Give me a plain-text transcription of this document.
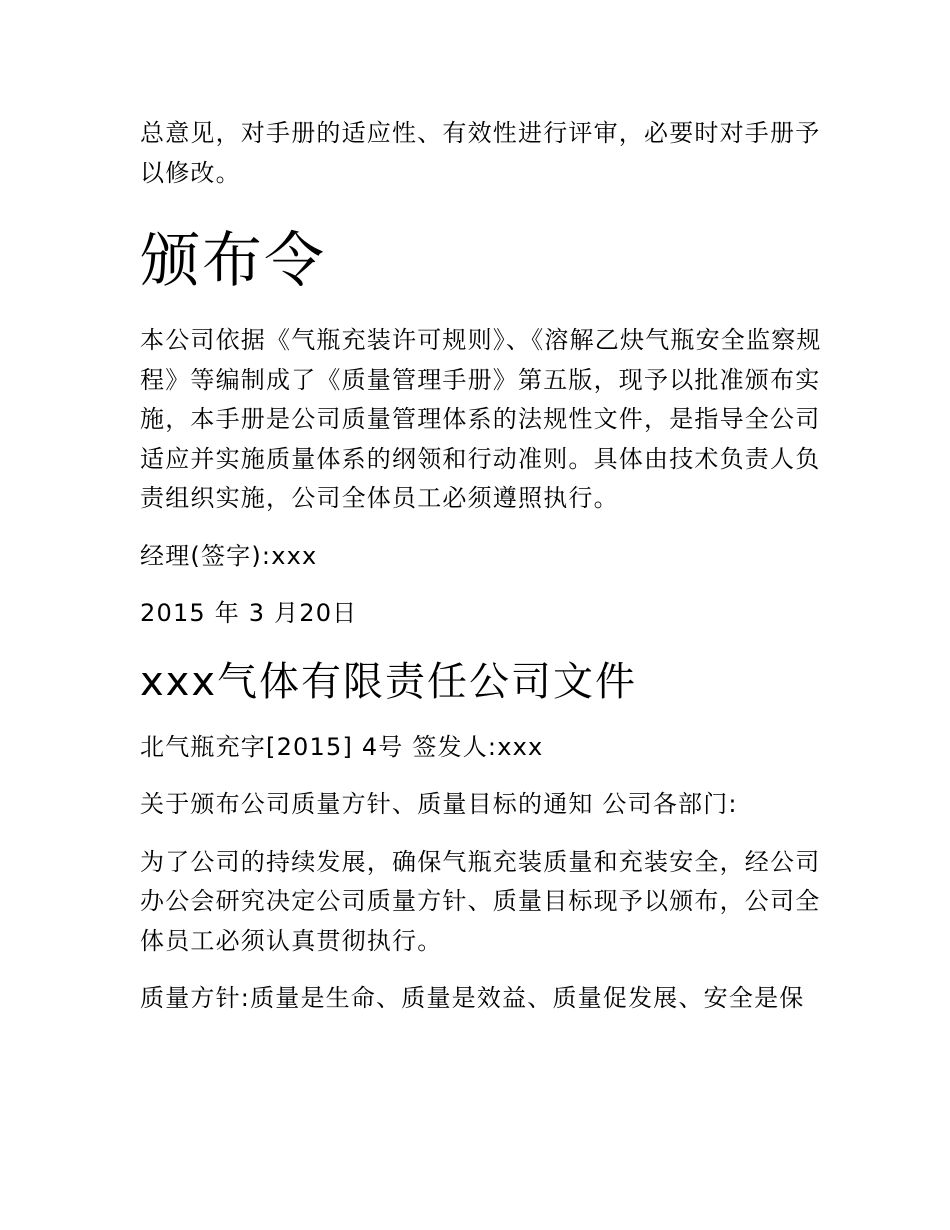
总意见，对手册的适应性、有效性进行评审，必要时对手册予以修改。

颁布令

本公司依据《气瓶充装许可规则》、《溶解乙炔气瓶安全监察规程》等编制成了《质量管理手册》第五版，现予以批准颁布实施，本手册是公司质量管理体系的法规性文件，是指导全公司适应并实施质量体系的纲领和行动准则。具体由技术负责人负责组织实施，公司全体员工必须遵照执行。

经理(签字):xxx

2015 年 3 月20日

xxx气体有限责任公司文件

北气瓶充字[2015] 4号 签发人:xxx

关于颁布公司质量方针、质量目标的通知 公司各部门:

为了公司的持续发展，确保气瓶充装质量和充装安全，经公司办公会研究决定公司质量方针、质量目标现予以颁布，公司全体员工必须认真贯彻执行。

质量方针:质量是生命、质量是效益、质量促发展、安全是保
